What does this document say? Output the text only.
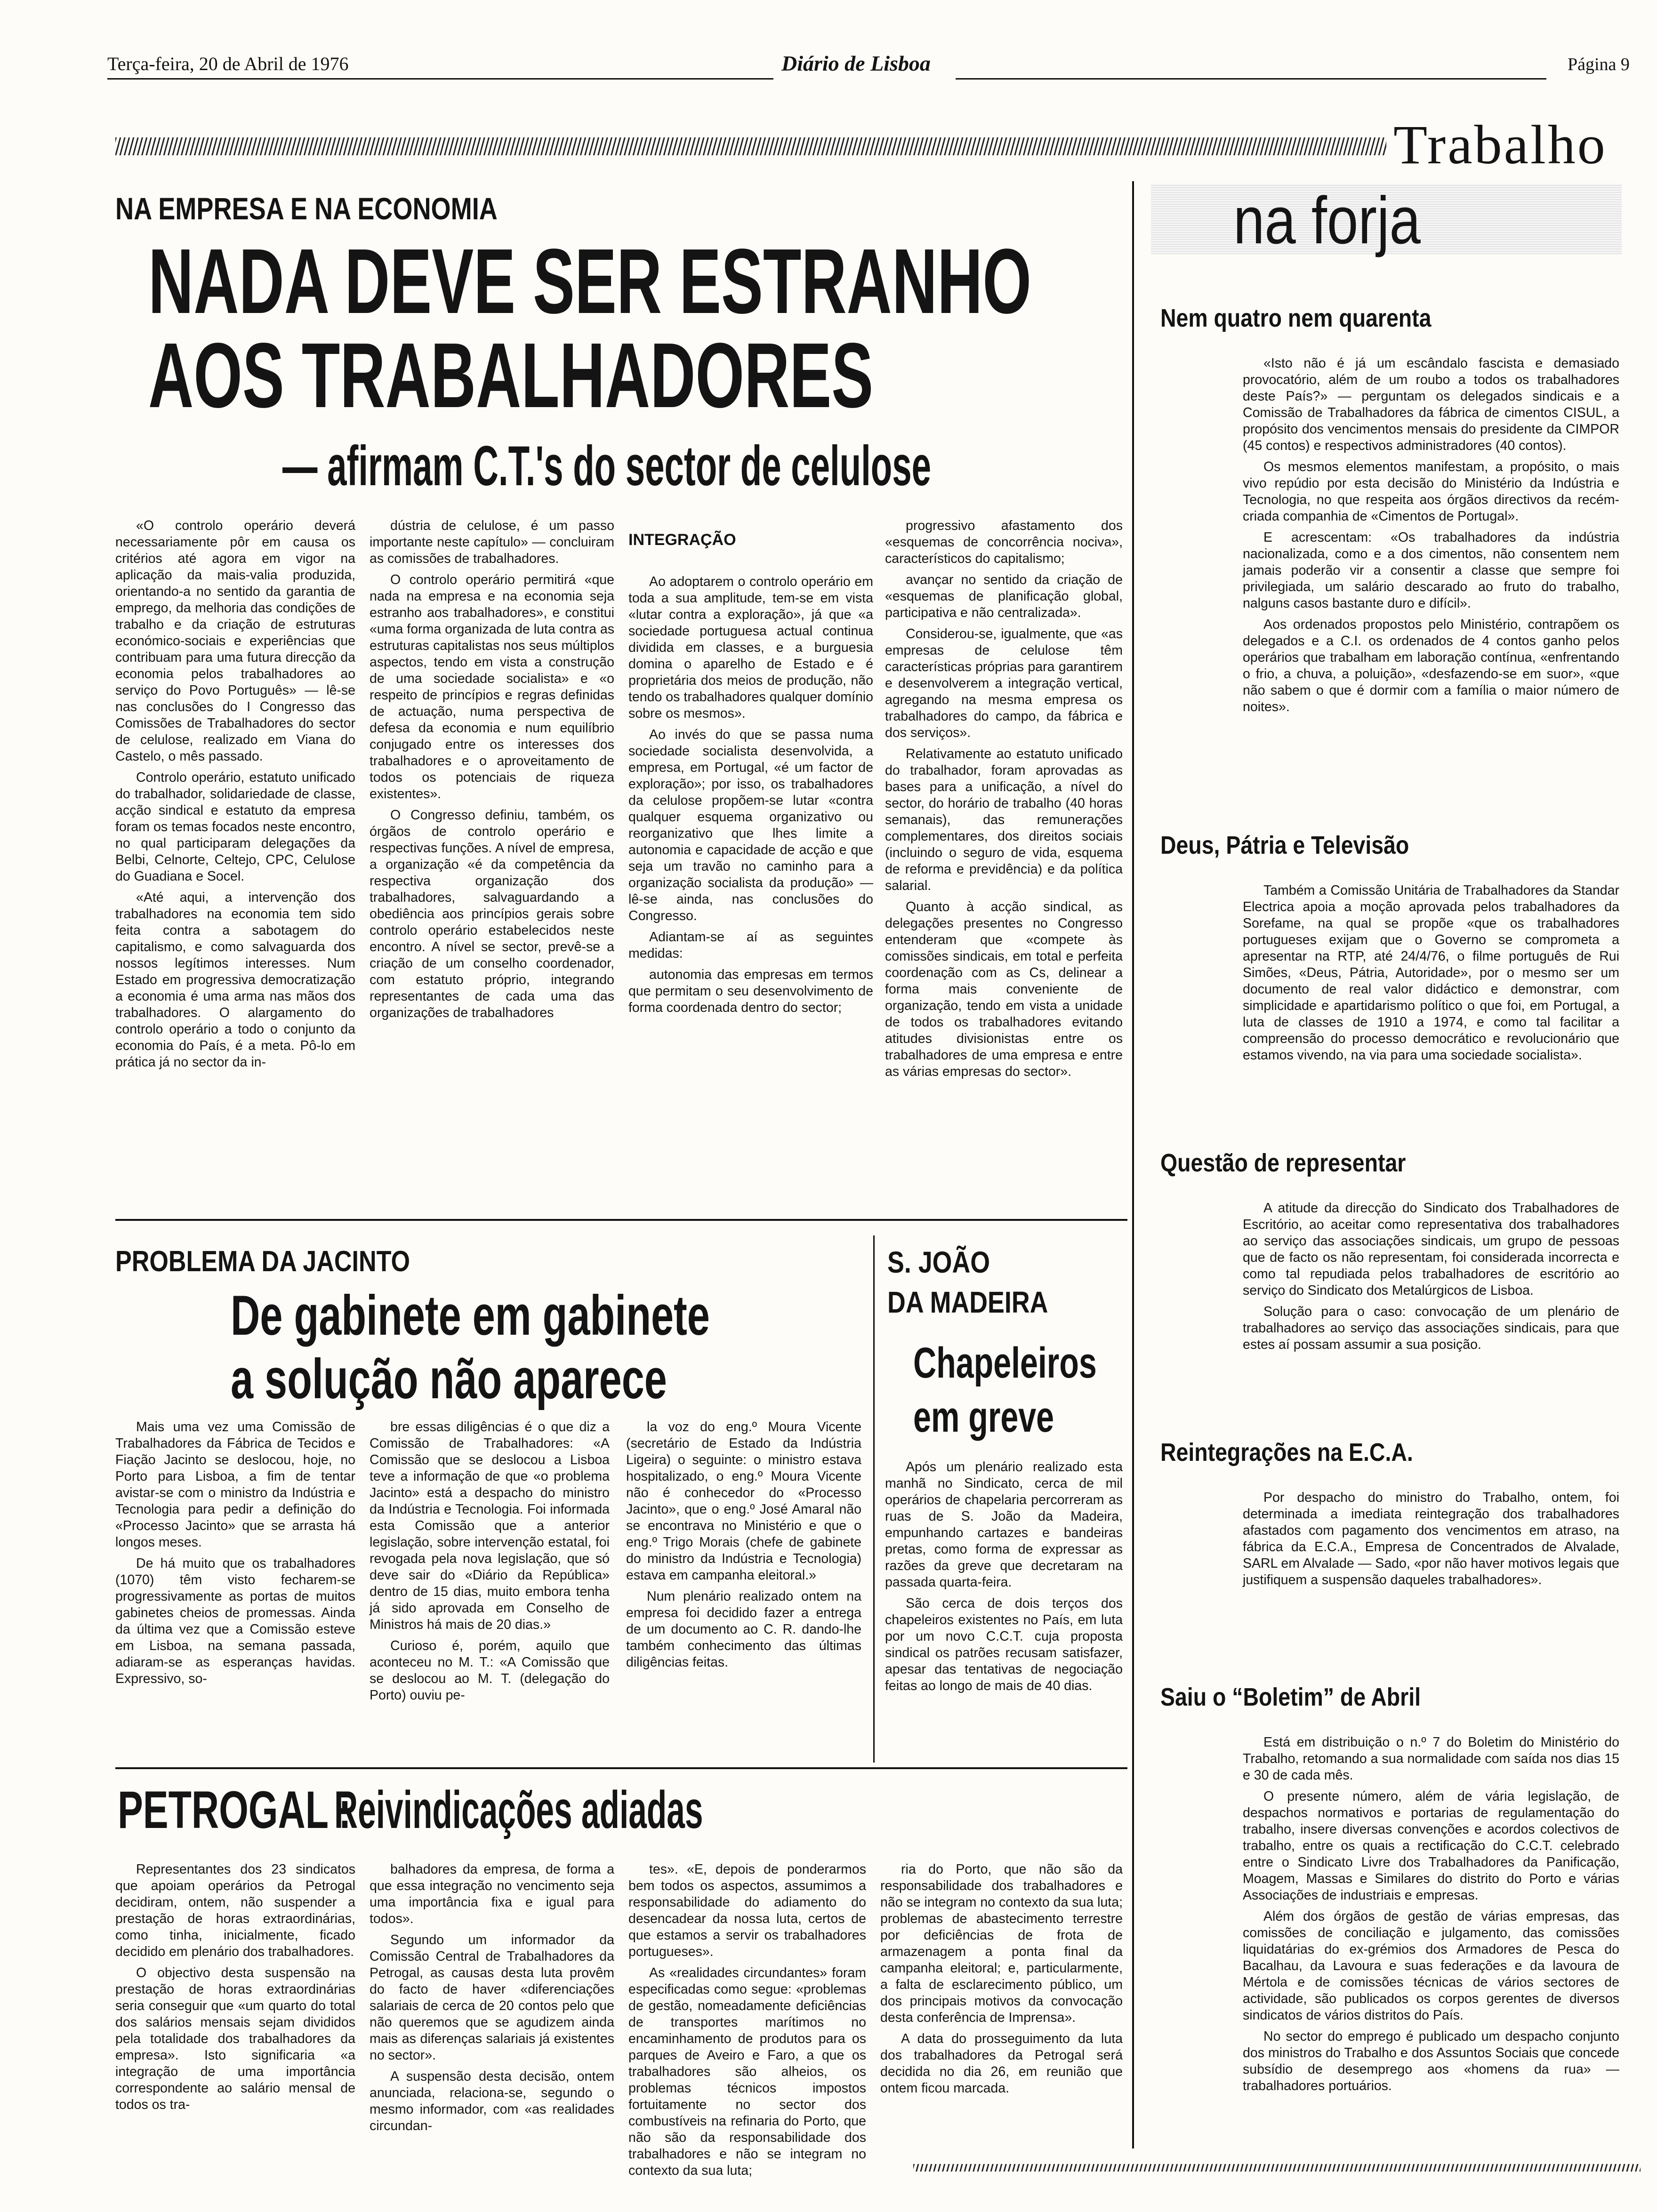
Terça-feira, 20 de Abril de 1976	Diário de Lisboa	Página 9
Trabalho
NA EMPRESA E NA ECONOMIA
NADA DEVE SER ESTRANHO
AOS TRABALHADORES
— afirmam C.T.'s do sector de celulose

«O controlo operário deverá necessariamente pôr em causa os critérios até agora em vigor na aplicação da mais-valia produzida, orientando-a no sentido da garantia de emprego, da melhoria das condições de trabalho e da criação de estruturas económico-sociais e experiências que contribuam para uma futura direcção da economia pelos trabalhadores ao serviço do Povo Português» — lê-se nas conclusões do I Congresso das Comissões de Trabalhadores do sector de celulose, realizado em Viana do Castelo, o mês passado.

Controlo operário, estatuto unificado do trabalhador, solidariedade de classe, acção sindical e estatuto da empresa foram os temas focados neste encontro, no qual participaram delegações da Belbi, Celnorte, Celtejo, CPC, Celulose do Guadiana e Socel.

«Até aqui, a intervenção dos trabalhadores na economia tem sido feita contra a sabotagem do capitalismo, e como salvaguarda dos nossos legítimos interesses. Num Estado em progressiva democratização a economia é uma arma nas mãos dos trabalhadores. O alargamento do controlo operário a todo o conjunto da economia do País, é a meta. Pô-lo em prática já no sector da in-

dústria de celulose, é um passo importante neste capítulo» — concluiram as comissões de trabalhadores.

O controlo operário permitirá «que nada na empresa e na economia seja estranho aos trabalhadores», e constitui «uma forma organizada de luta contra as estruturas capitalistas nos seus múltiplos aspectos, tendo em vista a construção de uma sociedade socialista» e «o respeito de princípios e regras definidas de actuação, numa perspectiva de defesa da economia e num equilíbrio conjugado entre os interesses dos trabalhadores e o aproveitamento de todos os potenciais de riqueza existentes».

O Congresso definiu, também, os órgãos de controlo operário e respectivas funções. A nível de empresa, a organização «é da competência da respectiva organização dos trabalhadores, salvaguardando a obediência aos princípios gerais sobre controlo operário estabelecidos neste encontro. A nível se sector, prevê-se a criação de um conselho coordenador, com estatuto próprio, integrando representantes de cada uma das organizações de trabalhadores

INTEGRAÇÃO

Ao adoptarem o controlo operário em toda a sua amplitude, tem-se em vista «lutar contra a exploração», já que «a sociedade portuguesa actual continua dividida em classes, e a burguesia domina o aparelho de Estado e é proprietária dos meios de produção, não tendo os trabalhadores qualquer domínio sobre os mesmos».

Ao invés do que se passa numa sociedade socialista desenvolvida, a empresa, em Portugal, «é um factor de exploração»; por isso, os trabalhadores da celulose propõem-se lutar «contra qualquer esquema organizativo ou reorganizativo que lhes limite a autonomia e capacidade de acção e que seja um travão no caminho para a organização socialista da produção» — lê-se ainda, nas conclusões do Congresso.

Adiantam-se aí as seguintes medidas:

autonomia das empresas em termos que permitam o seu desenvolvimento de forma coordenada dentro do sector;

progressivo afastamento dos «esquemas de concorrência nociva», característicos do capitalismo;

avançar no sentido da criação de «esquemas de planificação global, participativa e não centralizada».

Considerou-se, igualmente, que «as empresas de celulose têm características próprias para garantirem e desenvolverem a integração vertical, agregando na mesma empresa os trabalhadores do campo, da fábrica e dos serviços».

Relativamente ao estatuto unificado do trabalhador, foram aprovadas as bases para a unificação, a nível do sector, do horário de trabalho (40 horas semanais), das remunerações complementares, dos direitos sociais (incluindo o seguro de vida, esquema de reforma e previdência) e da política salarial.

Quanto à acção sindical, as delegações presentes no Congresso entenderam que «compete às comissões sindicais, em total e perfeita coordenação com as Cs, delinear a forma mais conveniente de organização, tendo em vista a unidade de todos os trabalhadores evitando atitudes divisionistas entre os trabalhadores de uma empresa e entre as várias empresas do sector».

PROBLEMA DA JACINTO
De gabinete em gabinete
a solução não aparece

Mais uma vez uma Comissão de Trabalhadores da Fábrica de Tecidos e Fiação Jacinto se deslocou, hoje, no Porto para Lisboa, a fim de tentar avistar-se com o ministro da Indústria e Tecnologia para pedir a definição do «Processo Jacinto» que se arrasta há longos meses.

De há muito que os trabalhadores (1070) têm visto fecharem-se progressivamente as portas de muitos gabinetes cheios de promessas. Ainda da última vez que a Comissão esteve em Lisboa, na semana passada, adiaram-se as esperanças havidas. Expressivo, so-

bre essas diligências é o que diz a Comissão de Trabalhadores: «A Comissão que se deslocou a Lisboa teve a informação de que «o problema Jacinto» está a despacho do ministro da Indústria e Tecnologia. Foi informada esta Comissão que a anterior legislação, sobre intervenção estatal, foi revogada pela nova legislação, que só deve sair do «Diário da República» dentro de 15 dias, muito embora tenha já sido aprovada em Conselho de Ministros há mais de 20 dias.»

Curioso é, porém, aquilo que aconteceu no M. T.: «A Comissão que se deslocou ao M. T. (delegação do Porto) ouviu pe-

la voz do eng.º Moura Vicente (secretário de Estado da Indústria Ligeira) o seguinte: o ministro estava hospitalizado, o eng.º Moura Vicente não é conhecedor do «Processo Jacinto», que o eng.º José Amaral não se encontrava no Ministério e que o eng.º Trigo Morais (chefe de gabinete do ministro da Indústria e Tecnologia) estava em campanha eleitoral.»

Num plenário realizado ontem na empresa foi decidido fazer a entrega de um documento ao C. R. dando-lhe também conhecimento das últimas diligências feitas.

S. JOÃO
DA MADEIRA
Chapeleiros
em greve

Após um plenário realizado esta manhã no Sindicato, cerca de mil operários de chapelaria percorreram as ruas de S. João da Madeira, empunhando cartazes e bandeiras pretas, como forma de expressar as razões da greve que decretaram na passada quarta-feira.

São cerca de dois terços dos chapeleiros existentes no País, em luta por um novo C.C.T. cuja proposta sindical os patrões recusam satisfazer, apesar das tentativas de negociação feitas ao longo de mais de 40 dias.

PETROGAL :
Reivindicações adiadas

Representantes dos 23 sindicatos que apoiam operários da Petrogal decidiram, ontem, não suspender a prestação de horas extraordinárias, como tinha, inicialmente, ficado decidido em plenário dos trabalhadores.

O objectivo desta suspensão na prestação de horas extraordinárias seria conseguir que «um quarto do total dos salários mensais sejam divididos pela totalidade dos trabalhadores da empresa». Isto significaria «a integração de uma importância correspondente ao salário mensal de todos os tra-

balhadores da empresa, de forma a que essa integração no vencimento seja uma importância fixa e igual para todos».

Segundo um informador da Comissão Central de Trabalhadores da Petrogal, as causas desta luta provêm do facto de haver «diferenciações salariais de cerca de 20 contos pelo que não queremos que se agudizem ainda mais as diferenças salariais já existentes no sector».

A suspensão desta decisão, ontem anunciada, relaciona-se, segundo o mesmo informador, com «as realidades circundan-

tes». «E, depois de ponderarmos bem todos os aspectos, assumimos a responsabilidade do adiamento do desencadear da nossa luta, certos de que estamos a servir os trabalhadores portugueses».

As «realidades circundantes» foram especificadas como segue: «problemas de gestão, nomeadamente deficiências de transportes marítimos no encaminhamento de produtos para os parques de Aveiro e Faro, a que os trabalhadores são alheios, os problemas técnicos impostos fortuitamente no sector dos combustíveis na refinaria do Porto, que não são da responsabilidade dos trabalhadores e não se integram no contexto da sua luta;

ria do Porto, que não são da responsabilidade dos trabalhadores e não se integram no contexto da sua luta; problemas de abastecimento terrestre por deficiências de frota de armazenagem a ponta final da campanha eleitoral; e, particularmente, a falta de esclarecimento público, um dos principais motivos da convocação desta conferência de Imprensa».

A data do prosseguimento da luta dos trabalhadores da Petrogal será decidida no dia 26, em reunião que ontem ficou marcada.

na forja
Nem quatro nem quarenta

«Isto não é já um escândalo fascista e demasiado provocatório, além de um roubo a todos os trabalhadores deste País?» — perguntam os delegados sindicais e a Comissão de Trabalhadores da fábrica de cimentos CISUL, a propósito dos vencimentos mensais do presidente da CIMPOR (45 contos) e respectivos administradores (40 contos).

Os mesmos elementos manifestam, a propósito, o mais vivo repúdio por esta decisão do Ministério da Indústria e Tecnologia, no que respeita aos órgãos directivos da recém-criada companhia de «Cimentos de Portugal».

E acrescentam: «Os trabalhadores da indústria nacionalizada, como e a dos cimentos, não consentem nem jamais poderão vir a consentir a classe que sempre foi privilegiada, um salário descarado ao fruto do trabalho, nalguns casos bastante duro e difícil».

Aos ordenados propostos pelo Ministério, contrapõem os delegados e a C.I. os ordenados de 4 contos ganho pelos operários que trabalham em laboração contínua, «enfrentando o frio, a chuva, a poluição», «desfazendo-se em suor», «que não sabem o que é dormir com a família o maior número de noites».

Deus, Pátria e Televisão

Também a Comissão Unitária de Trabalhadores da Standar Electrica apoia a moção aprovada pelos trabalhadores da Sorefame, na qual se propõe «que os trabalhadores portugueses exijam que o Governo se comprometa a apresentar na RTP, até 24/4/76, o filme português de Rui Simões, «Deus, Pátria, Autoridade», por o mesmo ser um documento de real valor didáctico e demonstrar, com simplicidade e apartidarismo político o que foi, em Portugal, a luta de classes de 1910 a 1974, e como tal facilitar a compreensão do processo democrático e revolucionário que estamos vivendo, na via para uma sociedade socialista».

Questão de representar

A atitude da direcção do Sindicato dos Trabalhadores de Escritório, ao aceitar como representativa dos trabalhadores ao serviço das associações sindicais, um grupo de pessoas que de facto os não representam, foi considerada incorrecta e como tal repudiada pelos trabalhadores de escritório ao serviço do Sindicato dos Metalúrgicos de Lisboa.

Solução para o caso: convocação de um plenário de trabalhadores ao serviço das associações sindicais, para que estes aí possam assumir a sua posição.

Reintegrações na E.C.A.

Por despacho do ministro do Trabalho, ontem, foi determinada a imediata reintegração dos trabalhadores afastados com pagamento dos vencimentos em atraso, na fábrica da E.C.A., Empresa de Concentrados de Alvalade, SARL em Alvalade — Sado, «por não haver motivos legais que justifiquem a suspensão daqueles trabalhadores».

Saiu o “Boletim” de Abril

Está em distribuição o n.º 7 do Boletim do Ministério do Trabalho, retomando a sua normalidade com saída nos dias 15 e 30 de cada mês.

O presente número, além de vária legislação, de despachos normativos e portarias de regulamentação do trabalho, insere diversas convenções e acordos colectivos de trabalho, entre os quais a rectificação do C.C.T. celebrado entre o Sindicato Livre dos Trabalhadores da Panificação, Moagem, Massas e Similares do distrito do Porto e várias Associações de industriais e empresas.

Além dos órgãos de gestão de várias empresas, das comissões de conciliação e julgamento, das comissões liquidatárias do ex-grémios dos Armadores de Pesca do Bacalhau, da Lavoura e suas federações e da lavoura de Mértola e de comissões técnicas de vários sectores de actividade, são publicados os corpos gerentes de diversos sindicatos de vários distritos do País.

No sector do emprego é publicado um despacho conjunto dos ministros do Trabalho e dos Assuntos Sociais que concede subsídio de desemprego aos «homens da rua» — trabalhadores portuários.
